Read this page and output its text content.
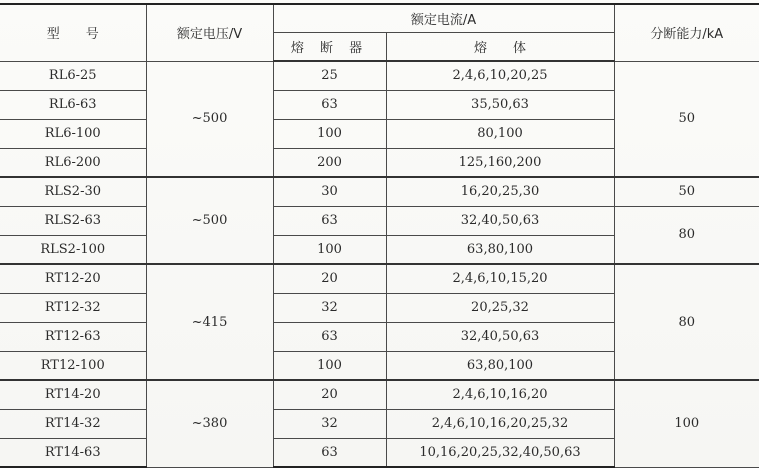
型　　号	额定电压/V	额定电流/A		分断能力/kA
		熔 断 器	熔　　体	
RL6-25	~500	25	2,4,6,10,20,25	50
RL6-63		63	35,50,63	
RL6-100		100	80,100	
RL6-200		200	125,160,200	
RLS2-30	~500	30	16,20,25,30	50
RLS2-63		63	32,40,50,63	80
RLS2-100		100	63,80,100	
RT12-20	~415	20	2,4,6,10,15,20	80
RT12-32		32	20,25,32	
RT12-63		63	32,40,50,63	
RT12-100		100	63,80,100	
RT14-20	~380	20	2,4,6,10,16,20	100
RT14-32		32	2,4,6,10,16,20,25,32	
RT14-63		63	10,16,20,25,32,40,50,63	
